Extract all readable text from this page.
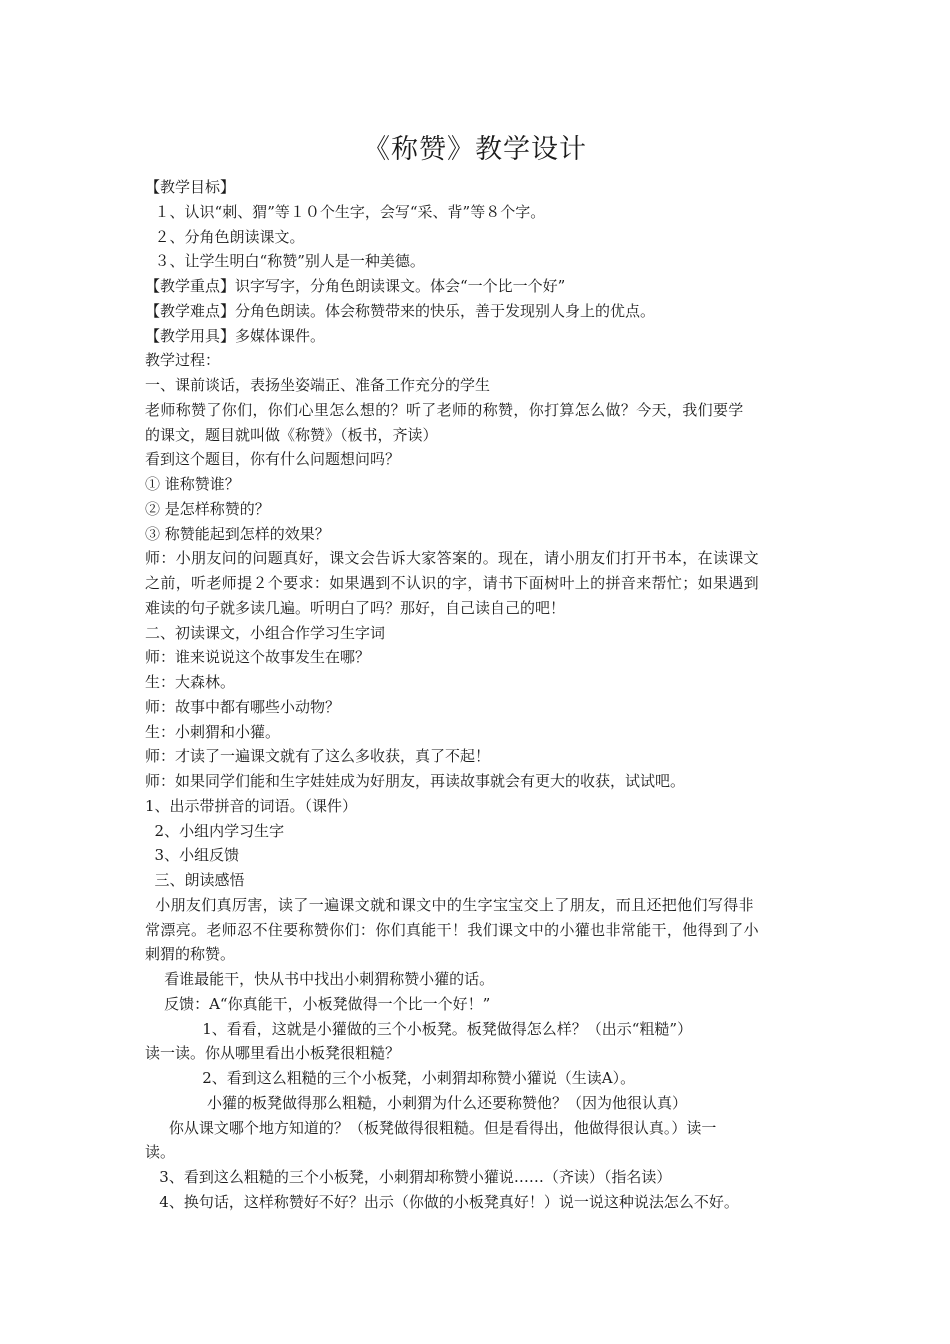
《称赞》教学设计
【教学目标】
１、认识“刺、猬”等１０个生字，会写“采、背”等８个字。
２、分角色朗读课文。
３、让学生明白“称赞”别人是一种美德。
【教学重点】识字写字，分角色朗读课文。体会“一个比一个好”
【教学难点】分角色朗读。体会称赞带来的快乐，善于发现别人身上的优点。
【教学用具】多媒体课件。
教学过程：
一、课前谈话，表扬坐姿端正、准备工作充分的学生
老师称赞了你们，你们心里怎么想的？听了老师的称赞，你打算怎么做？今天，我们要学
的课文，题目就叫做《称赞》（板书，齐读）
看到这个题目，你有什么问题想问吗？
① 谁称赞谁？
② 是怎样称赞的？
③ 称赞能起到怎样的效果？
师：小朋友问的问题真好，课文会告诉大家答案的。现在，请小朋友们打开书本，在读课文
之前，听老师提２个要求：如果遇到不认识的字，请书下面树叶上的拼音来帮忙；如果遇到
难读的句子就多读几遍。听明白了吗？那好，自己读自己的吧！
二、初读课文，小组合作学习生字词
师：谁来说说这个故事发生在哪？
生：大森林。
师：故事中都有哪些小动物？
生：小刺猬和小獾。
师：才读了一遍课文就有了这么多收获，真了不起！
师：如果同学们能和生字娃娃成为好朋友，再读故事就会有更大的收获，试试吧。
1、出示带拼音的词语。（课件）
2、小组内学习生字
3、小组反馈
三、朗读感悟
小朋友们真厉害，读了一遍课文就和课文中的生字宝宝交上了朋友，而且还把他们写得非
常漂亮。老师忍不住要称赞你们：你们真能干！我们课文中的小獾也非常能干，他得到了小
刺猬的称赞。
看谁最能干，快从书中找出小刺猬称赞小獾的话。
反馈：A“你真能干，小板凳做得一个比一个好！”
1、看看，这就是小獾做的三个小板凳。板凳做得怎么样？（出示“粗糙”）
读一读。你从哪里看出小板凳很粗糙？
2、看到这么粗糙的三个小板凳，小刺猬却称赞小獾说（生读A）。
小獾的板凳做得那么粗糙，小刺猬为什么还要称赞他？（因为他很认真）
你从课文哪个地方知道的？（板凳做得很粗糙。但是看得出，他做得很认真。）读一
读。
3、看到这么粗糙的三个小板凳，小刺猬却称赞小獾说……（齐读）（指名读）
4、换句话，这样称赞好不好？出示（你做的小板凳真好！）说一说这种说法怎么不好。
